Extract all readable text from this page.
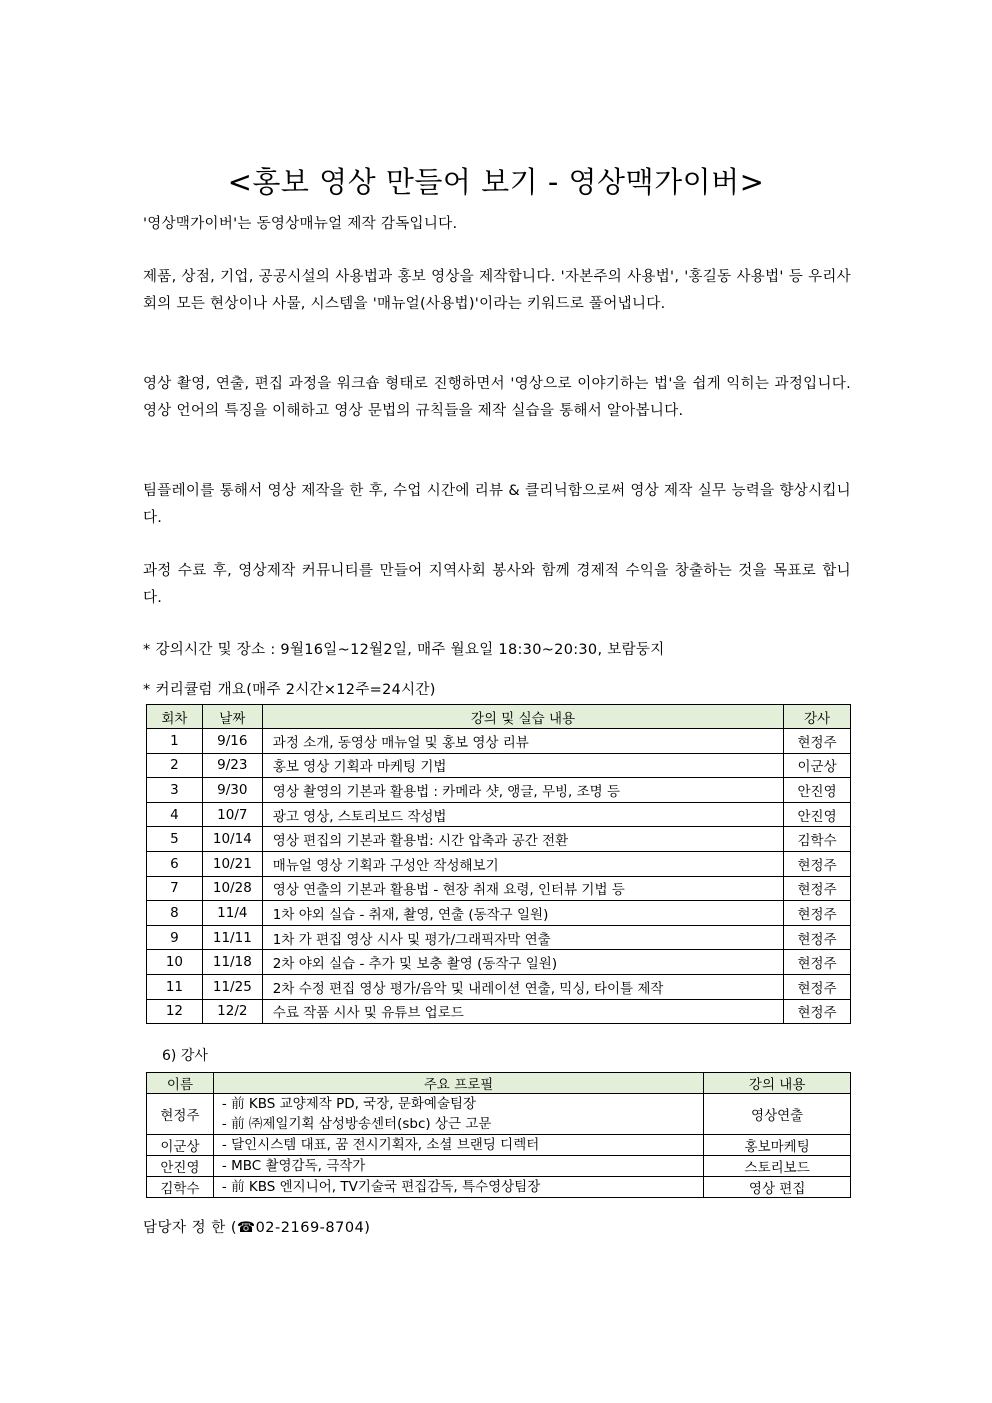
<홍보 영상 만들어 보기 - 영상맥가이버>
'영상맥가이버'는 동영상매뉴얼 제작 감독입니다.
제품, 상점, 기업, 공공시설의 사용법과 홍보 영상을 제작합니다. '자본주의 사용법', '홍길동 사용법' 등 우리사회의 모든 현상이나 사물, 시스템을 '매뉴얼(사용법)'이라는 키워드로 풀어냅니다.
영상 촬영, 연출, 편집 과정을 워크숍 형태로 진행하면서 '영상으로 이야기하는 법'을 쉽게 익히는 과정입니다. 영상 언어의 특징을 이해하고 영상 문법의 규칙들을 제작 실습을 통해서 알아봅니다.
팀플레이를 통해서 영상 제작을 한 후, 수업 시간에 리뷰 & 클리닉함으로써 영상 제작 실무 능력을 향상시킵니다.
과정 수료 후, 영상제작 커뮤니티를 만들어 지역사회 봉사와 함께 경제적 수익을 창출하는 것을 목표로 합니다.
* 강의시간 및 장소 : 9월16일~12월2일, 매주 월요일 18:30~20:30, 보람둥지
* 커리큘럼 개요(매주 2시간×12주=24시간)
회차	날짜	강의 및 실습 내용	강사
1	9/16	과정 소개, 동영상 매뉴얼 및 홍보 영상 리뷰	현정주
2	9/23	홍보 영상 기획과 마케팅 기법	이군상
3	9/30	영상 촬영의 기본과 활용법 : 카메라 샷, 앵글, 무빙, 조명 등	안진영
4	10/7	광고 영상, 스토리보드 작성법	안진영
5	10/14	영상 편집의 기본과 활용법: 시간 압축과 공간 전환	김학수
6	10/21	매뉴얼 영상 기획과 구성안 작성해보기	현정주
7	10/28	영상 연출의 기본과 활용법 - 현장 취재 요령, 인터뷰 기법 등	현정주
8	11/4	1차 야외 실습 - 취재, 촬영, 연출 (동작구 일원)	현정주
9	11/11	1차 가 편집 영상 시사 및 평가/그래픽자막 연출	현정주
10	11/18	2차 야외 실습 - 추가 및 보충 촬영 (동작구 일원)	현정주
11	11/25	2차 수정 편집 영상 평가/음악 및 내레이션 연출, 믹싱, 타이틀 제작	현정주
12	12/2	수료 작품 시사 및 유튜브 업로드	현정주
6) 강사
이름	주요 프로필	강의 내용
현정주	- 前 KBS 교양제작 PD, 국장, 문화예술팀장
- 前 ㈜제일기획 삼성방송센터(sbc) 상근 고문	영상연출
이군상	- 달인시스템 대표, 꿈 전시기획자, 소셜 브랜딩 디렉터	홍보마케팅
안진영	- MBC 촬영감독, 극작가	스토리보드
김학수	- 前 KBS 엔지니어, TV기술국 편집감독, 특수영상팀장	영상 편집
담당자 정 한 (☎02-2169-8704)
